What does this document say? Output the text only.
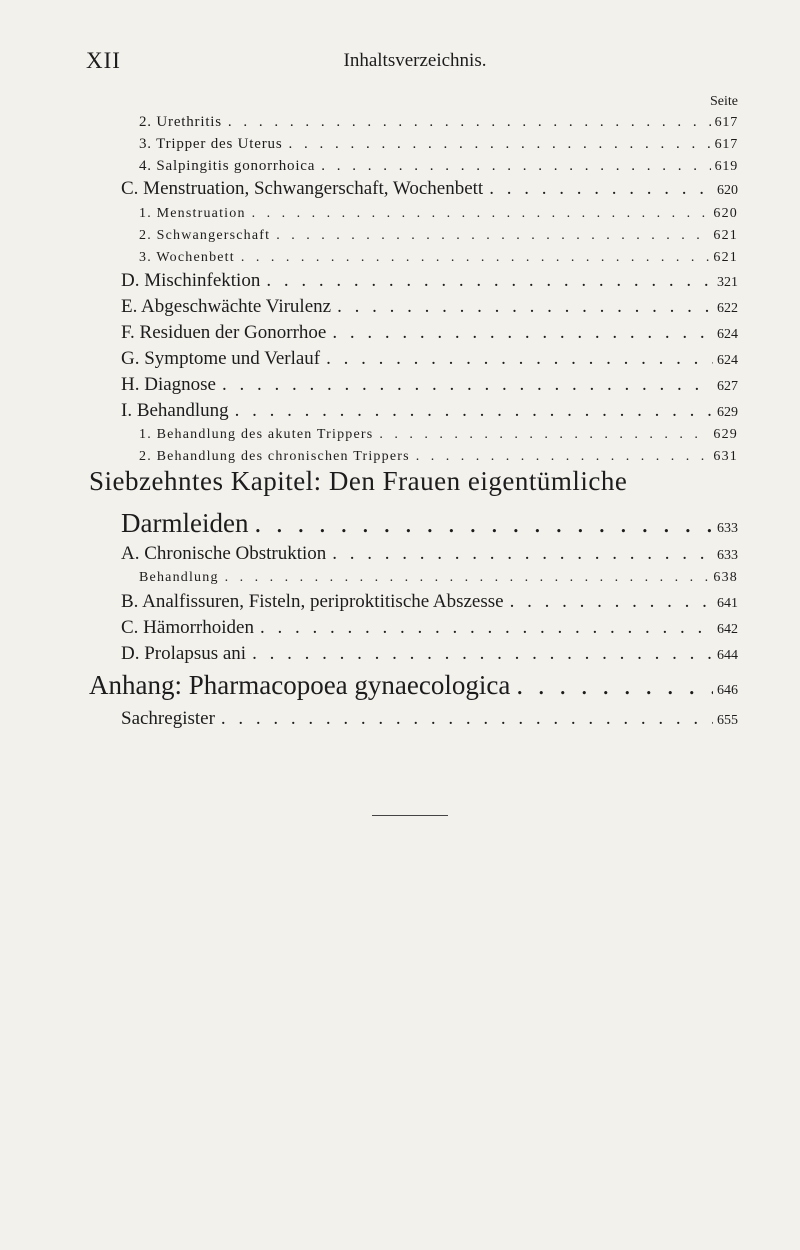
XII	Inhaltsverzeichnis.
Seite
2. Urethritis . . .	617
3. Tripper des Uterus . . .	617
4. Salpingitis gonorrhoica . . .	619
C. Menstruation, Schwangerschaft, Wochenbett . . .	620
1. Menstruation . . .	620
2. Schwangerschaft . . .	621
3. Wochenbett . . .	621
D. Mischinfektion . . .	321
E. Abgeschwächte Virulenz . . .	622
F. Residuen der Gonorrhoe . . .	624
G. Symptome und Verlauf . . .	624
H. Diagnose . . .	627
I. Behandlung . . .	629
1. Behandlung des akuten Trippers . . .	629
2. Behandlung des chronischen Trippers . . .	631
Siebzehntes Kapitel: Den Frauen eigentümliche
Darmleiden . . .	633
A. Chronische Obstruktion . . .	633
Behandlung . . .	638
B. Analfissuren, Fisteln, periproktitische Abszesse . . .	641
C. Hämorrhoiden . . .	642
D. Prolapsus ani . . .	644
Anhang: Pharmacopoea gynaecologica . . .	646
Sachregister . . .	655
